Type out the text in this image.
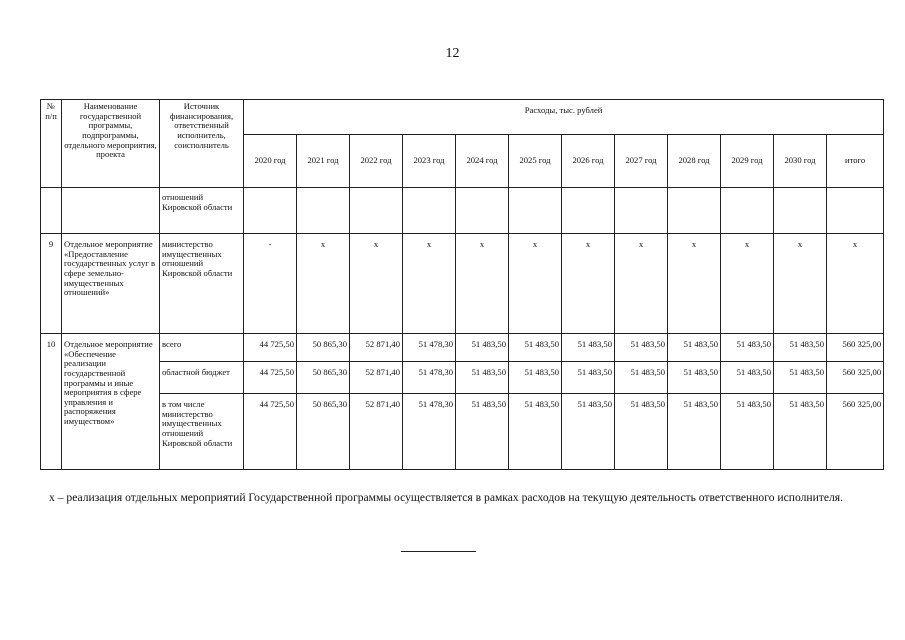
12
№ п/п	Наименование государственной программы, подпрограммы, отдельного мероприятия, проекта	Источник финансирования, ответственный исполнитель, соисполнитель	Расходы, тыс. рублей											
			2020 год	2021 год	2022 год	2023 год	2024 год	2025 год	2026 год	2027 год	2028 год	2029 год	2030 год	итого
		отношений Кировской области												
9	Отдельное мероприятие «Предоставление государственных услуг в сфере земельно-имущественных отношений»	министерство имущественных отношений Кировской области	-	х	х	х	х	х	х	х	х	х	х	х
10	Отдельное мероприятие «Обеспечение реализации государственной программы и иные мероприятия в сфере управления и распоряжения имуществом»	всего	44 725,50	50 865,30	52 871,40	51 478,30	51 483,50	51 483,50	51 483,50	51 483,50	51 483,50	51 483,50	51 483,50	560 325,00
		областной бюджет	44 725,50	50 865,30	52 871,40	51 478,30	51 483,50	51 483,50	51 483,50	51 483,50	51 483,50	51 483,50	51 483,50	560 325,00
		в том числе министерство имущественных отношений Кировской области	44 725,50	50 865,30	52 871,40	51 478,30	51 483,50	51 483,50	51 483,50	51 483,50	51 483,50	51 483,50	51 483,50	560 325,00
х – реализация отдельных мероприятий Государственной программы осуществляется в рамках расходов на текущую деятельность ответственного исполнителя.
